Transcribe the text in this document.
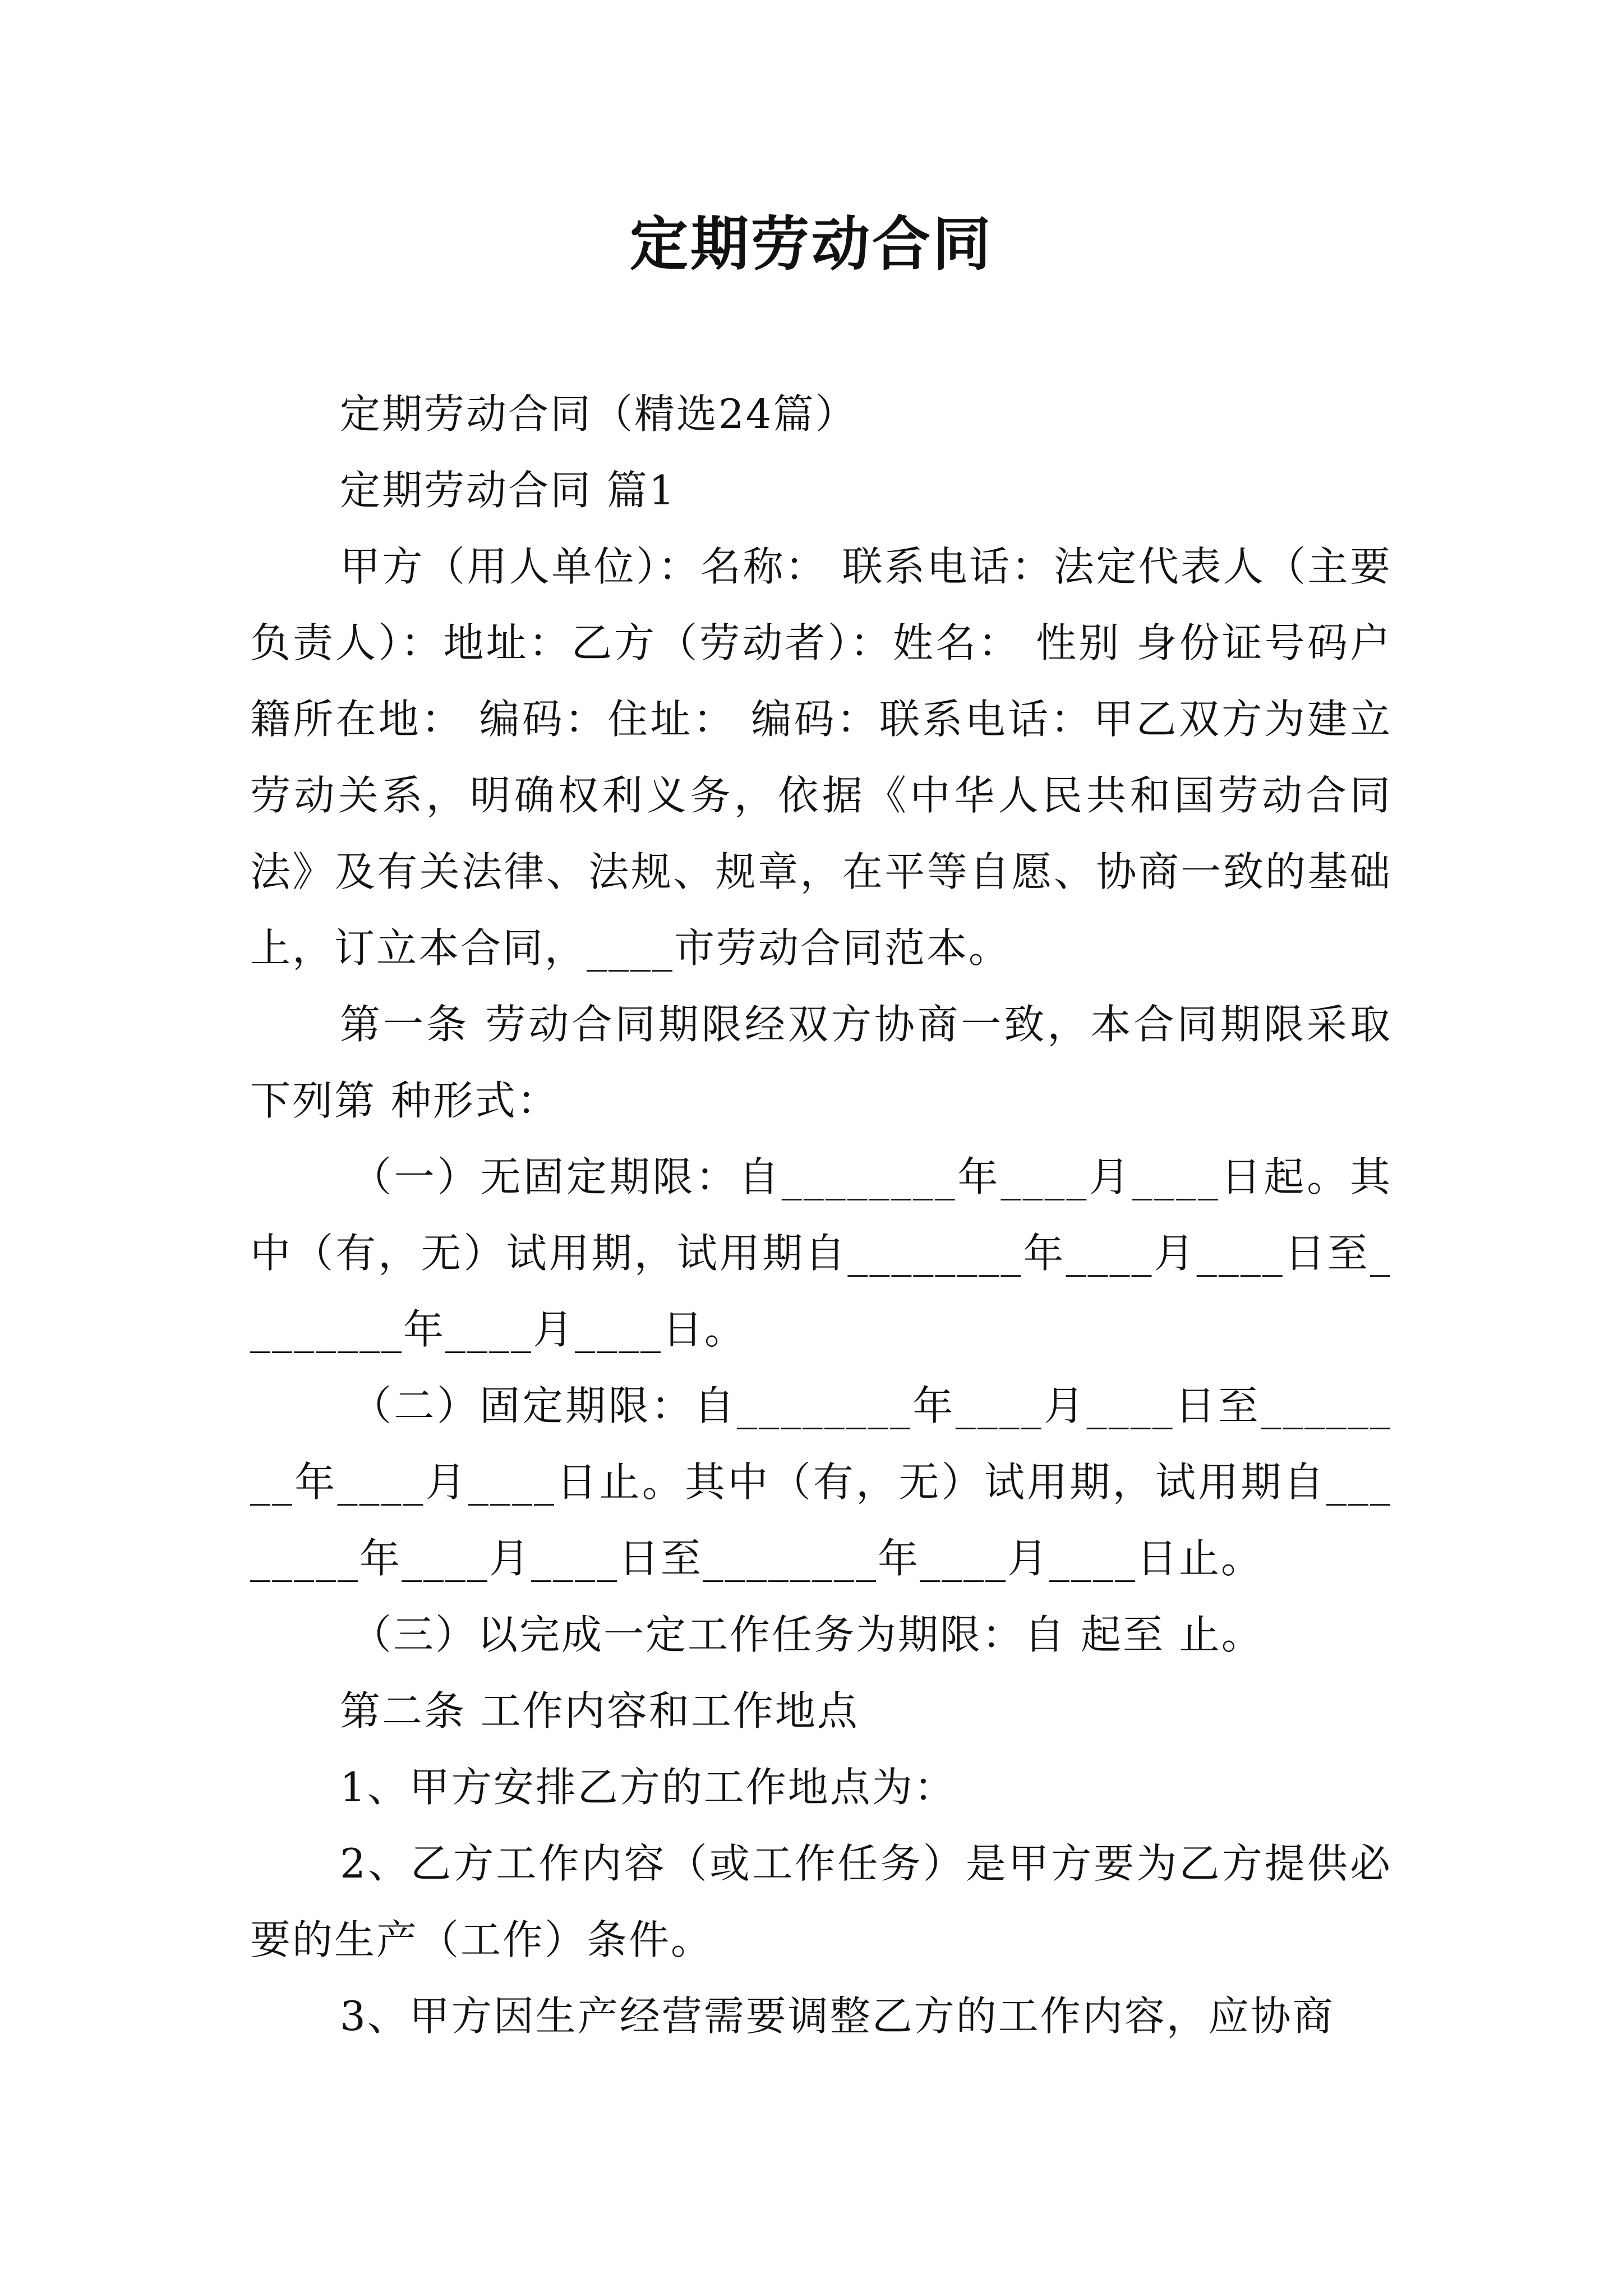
定期劳动合同

定期劳动合同（精选24篇）

定期劳动合同 篇1

甲方（用人单位）：名称： 联系电话：法定代表人（主要负责人）：地址：乙方（劳动者）：姓名： 性别 身份证号码户籍所在地： 编码：住址： 编码：联系电话：甲乙双方为建立劳动关系，明确权利义务，依据《中华人民共和国劳动合同法》及有关法律、法规、规章，在平等自愿、协商一致的基础上，订立本合同，____市劳动合同范本。

第一条 劳动合同期限经双方协商一致，本合同期限采取下列第 种形式：

（一）无固定期限：自________年____月____日起。其中（有，无）试用期，试用期自________年____月____日至________年____月____日。

（二）固定期限：自________年____月____日至________年____月____日止。其中（有，无）试用期，试用期自________年____月____日至________年____月____日止。

（三）以完成一定工作任务为期限：自 起至 止。

第二条 工作内容和工作地点

1、甲方安排乙方的工作地点为：

2、乙方工作内容（或工作任务）是甲方要为乙方提供必要的生产（工作）条件。

3、甲方因生产经营需要调整乙方的工作内容，应协商
